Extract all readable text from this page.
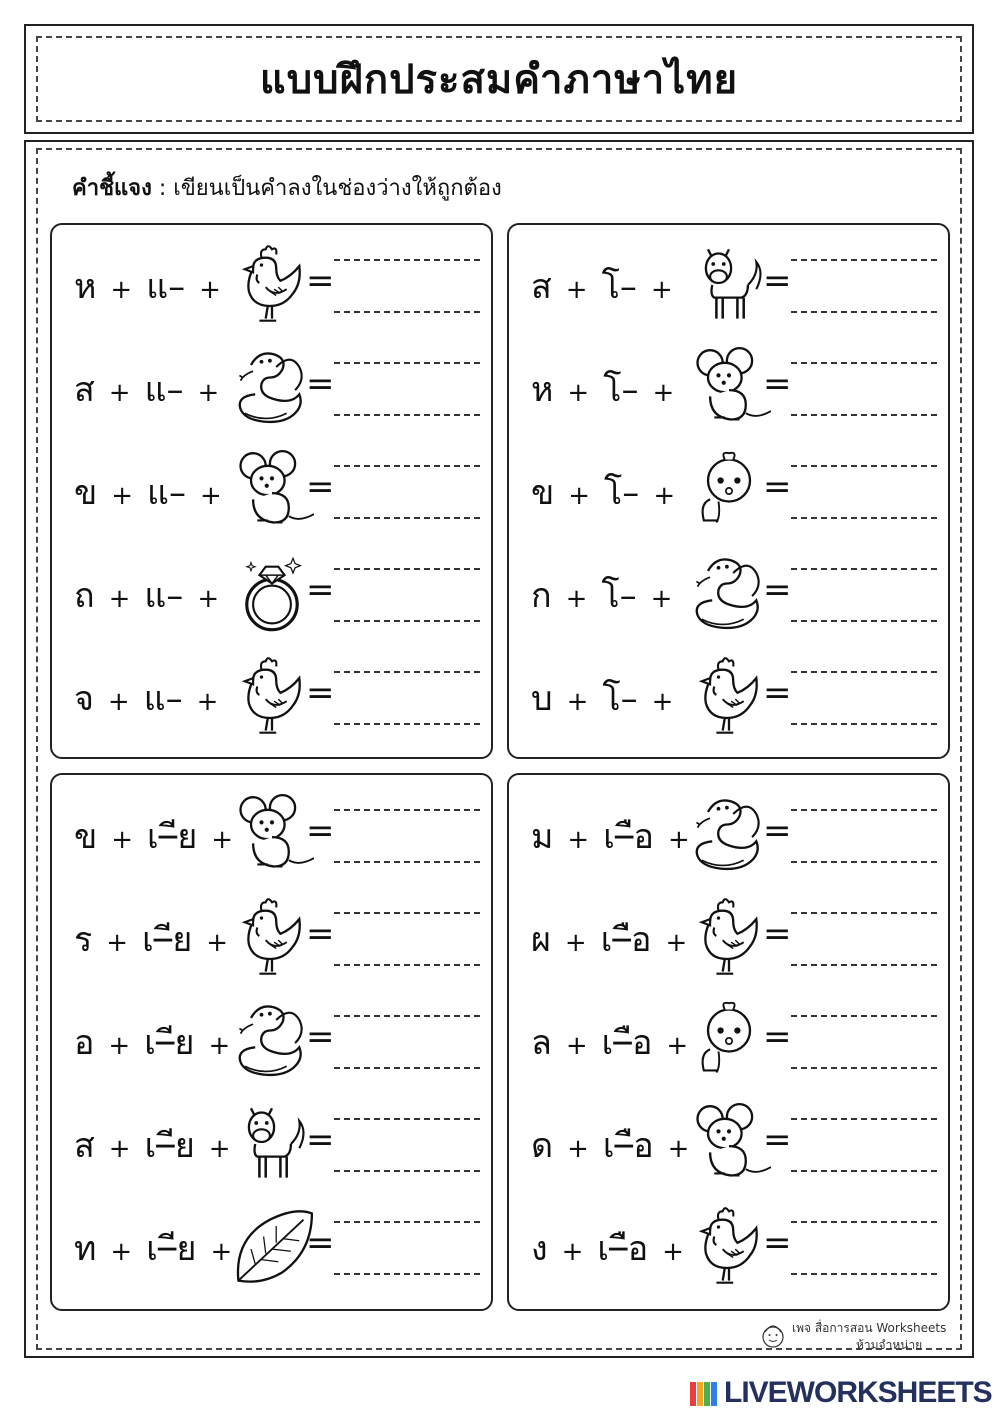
แบบฝึกประสมคำภาษาไทย
คำชี้แจง : เขียนเป็นคำลงในช่องว่างให้ถูกต้อง
ห + แ– +	=
ส + แ– +	=
ข + แ– + =
ถ + แ– +	=
จ + แ– +	=
ส + โ– +	=
ห + โ– +	=
ข + โ– +	=
ก + โ– +	=
บ + โ– +	=
ข + เ–ีย + =
ร + เ–ีย + =
อ + เ–ีย + =
ส + เ–ีย + =
ท + เ–ีย + =
ม + เ–ือ + =
ผ + เ–ือ + =
ล + เ–ือ + =
ด + เ–ือ + =
ง + เ–ือ + =
เพจ สื่อการสอน Worksheets
ห้ามจำหน่าย
LIVEWORKSHEETS
